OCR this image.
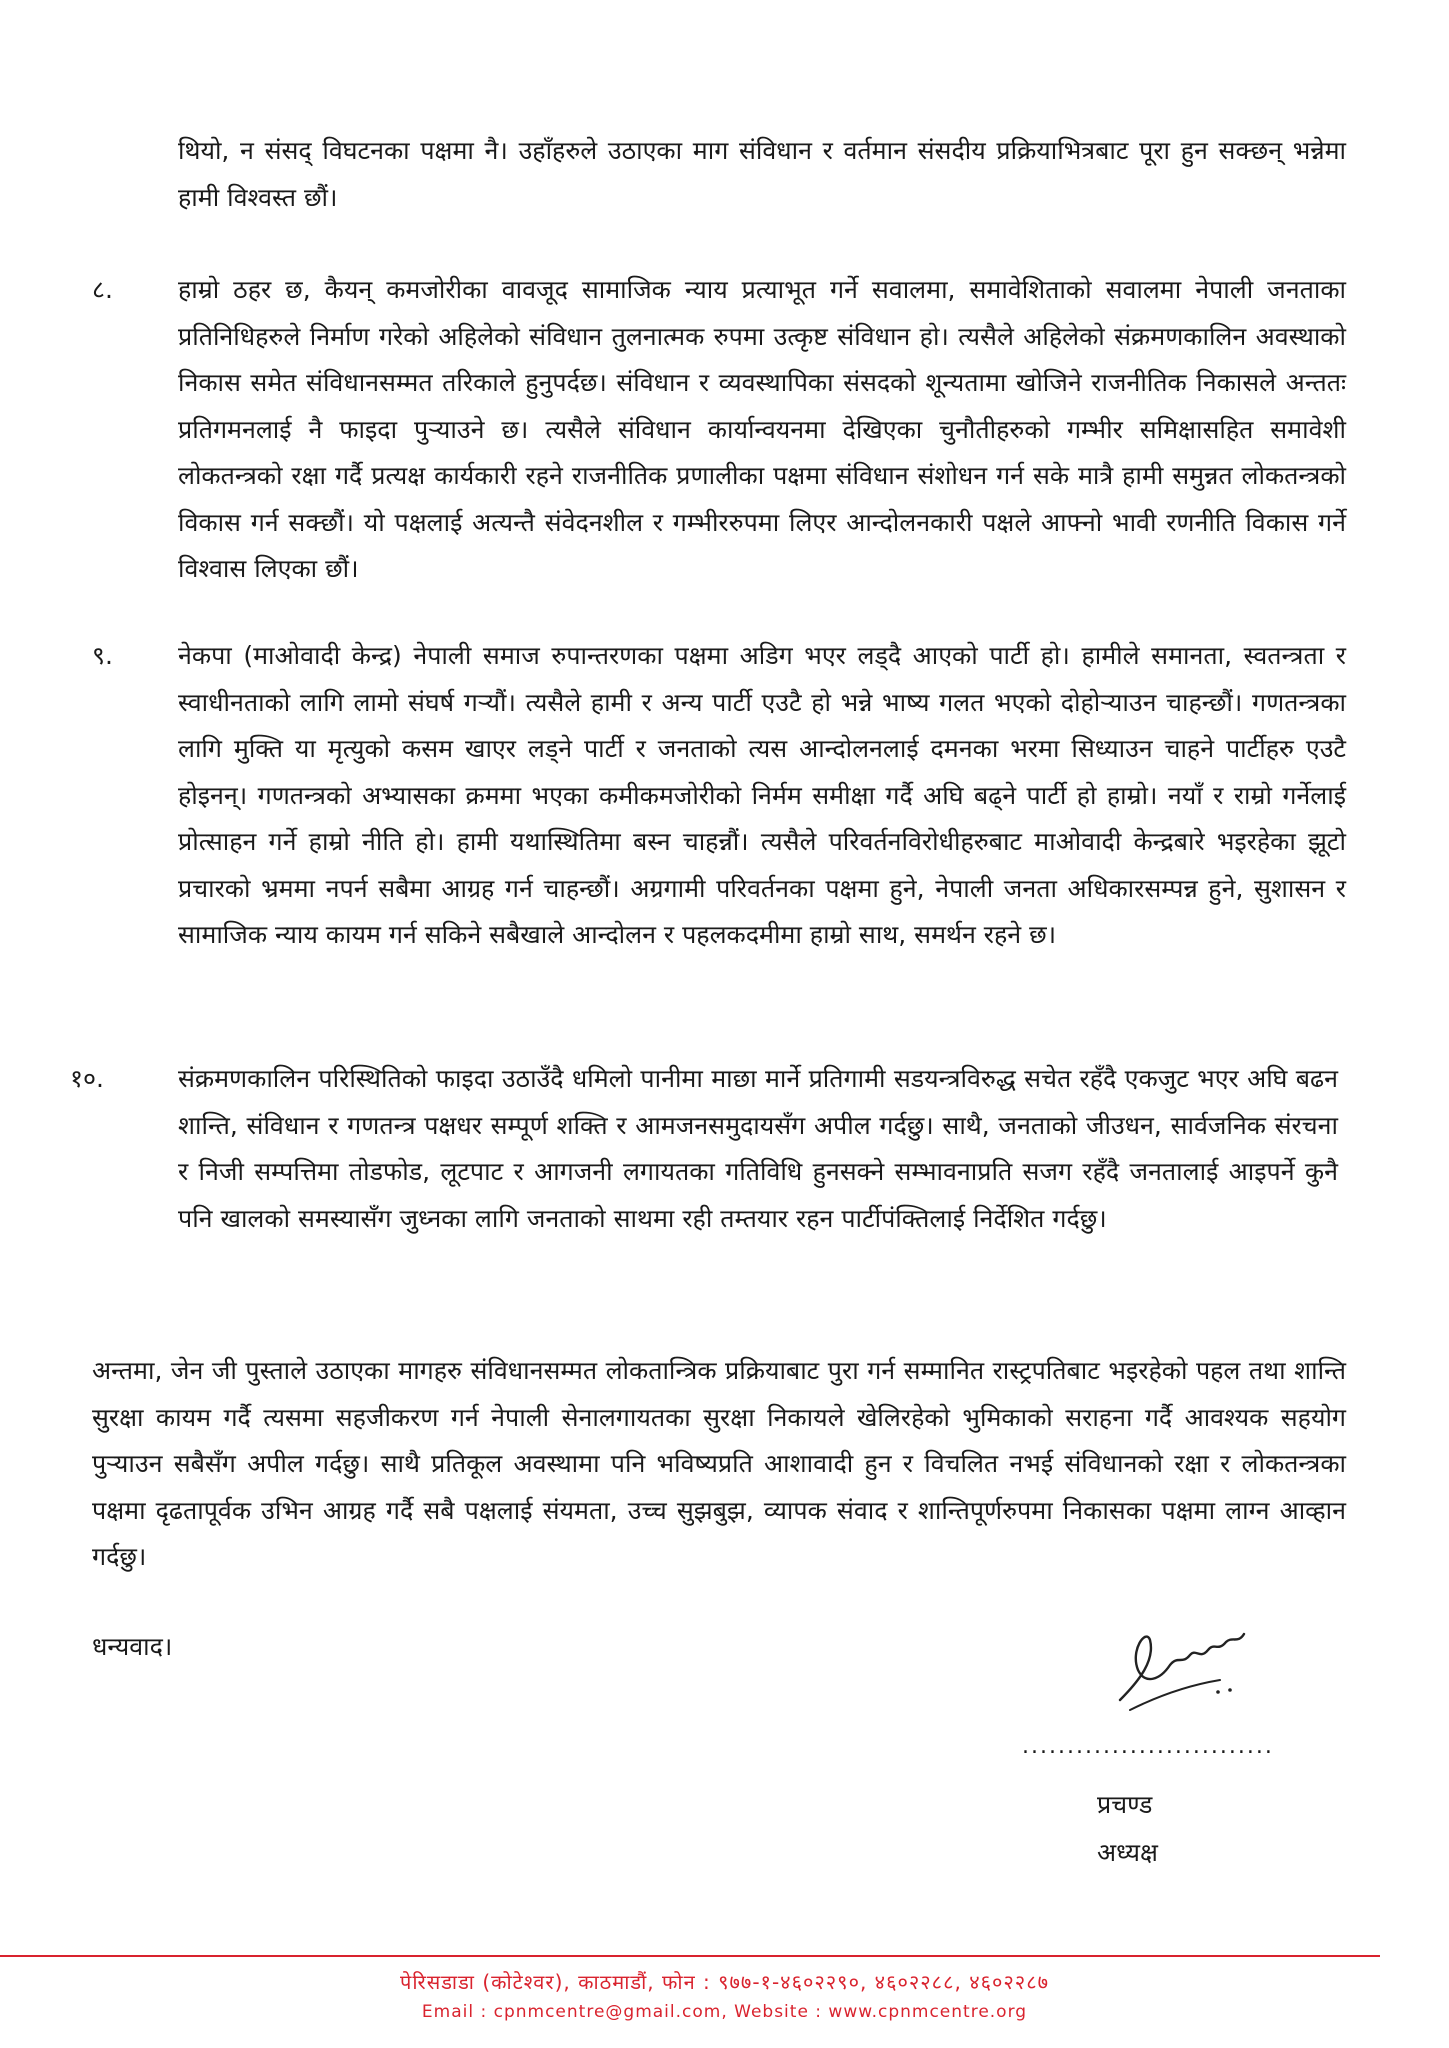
थियो, न संसद् विघटनका पक्षमा नै। उहाँहरुले उठाएका माग संविधान र वर्तमान संसदीय प्रक्रियाभित्रबाट पूरा हुन सक्छन् भन्नेमा हामी विश्वस्त छौं।

८.	हाम्रो ठहर छ, कैयन् कमजोरीका वावजूद सामाजिक न्याय प्रत्याभूत गर्ने सवालमा, समावेशिताको सवालमा नेपाली जनताका प्रतिनिधिहरुले निर्माण गरेको अहिलेको संविधान तुलनात्मक रुपमा उत्कृष्ट संविधान हो। त्यसैले अहिलेको संक्रमणकालिन अवस्थाको निकास समेत संविधानसम्मत तरिकाले हुनुपर्दछ। संविधान र व्यवस्थापिका संसदको शून्यतामा खोजिने राजनीतिक निकासले अन्ततः प्रतिगमनलाई नै फाइदा पुर्‍याउने छ। त्यसैले संविधान कार्यान्वयनमा देखिएका चुनौतीहरुको गम्भीर समिक्षासहित समावेशी लोकतन्त्रको रक्षा गर्दै प्रत्यक्ष कार्यकारी रहने राजनीतिक प्रणालीका पक्षमा संविधान संशोधन गर्न सके मात्रै हामी समुन्नत लोकतन्त्रको विकास गर्न सक्छौं। यो पक्षलाई अत्यन्तै संवेदनशील र गम्भीररुपमा लिएर आन्दोलनकारी पक्षले आफ्नो भावी रणनीति विकास गर्ने विश्वास लिएका छौं।

९.	नेकपा (माओवादी केन्द्र) नेपाली समाज रुपान्तरणका पक्षमा अडिग भएर लड्दै आएको पार्टी हो। हामीले समानता, स्वतन्त्रता र स्वाधीनताको लागि लामो संघर्ष गर्‍यौं। त्यसैले हामी र अन्य पार्टी एउटै हो भन्ने भाष्य गलत भएको दोहोर्‍याउन चाहन्छौं। गणतन्त्रका लागि मुक्ति या मृत्युको कसम खाएर लड्ने पार्टी र जनताको त्यस आन्दोलनलाई दमनका भरमा सिध्याउन चाहने पार्टीहरु एउटै होइनन्। गणतन्त्रको अभ्यासका क्रममा भएका कमीकमजोरीको निर्मम समीक्षा गर्दै अघि बढ्ने पार्टी हो हाम्रो। नयाँ र राम्रो गर्नेलाई प्रोत्साहन गर्ने हाम्रो नीति हो। हामी यथास्थितिमा बस्न चाहन्नौं। त्यसैले परिवर्तनविरोधीहरुबाट माओवादी केन्द्रबारे भइरहेका झूटो प्रचारको भ्रममा नपर्न सबैमा आग्रह गर्न चाहन्छौं। अग्रगामी परिवर्तनका पक्षमा हुने, नेपाली जनता अधिकारसम्पन्न हुने, सुशासन र सामाजिक न्याय कायम गर्न सकिने सबैखाले आन्दोलन र पहलकदमीमा हाम्रो साथ, समर्थन रहने छ।

१०.	संक्रमणकालिन परिस्थितिको फाइदा उठाउँदै धमिलो पानीमा माछा मार्ने प्रतिगामी सडयन्त्रविरुद्ध सचेत रहँदै एकजुट भएर अघि बढन शान्ति, संविधान र गणतन्त्र पक्षधर सम्पूर्ण शक्ति र आमजनसमुदायसँग अपील गर्दछु। साथै, जनताको जीउधन, सार्वजनिक संरचना र निजी सम्पत्तिमा तोडफोड, लूटपाट र आगजनी लगायतका गतिविधि हुनसक्ने सम्भावनाप्रति सजग रहँदै जनतालाई आइपर्ने कुनै पनि खालको समस्यासँग जुध्नका लागि जनताको साथमा रही तम्तयार रहन पार्टीपंक्तिलाई निर्देशित गर्दछु।

अन्तमा, जेन जी पुस्ताले उठाएका मागहरु संविधानसम्मत लोकतान्त्रिक प्रक्रियाबाट पुरा गर्न सम्मानित रास्ट्रपतिबाट भइरहेको पहल तथा शान्ति सुरक्षा कायम गर्दै त्यसमा सहजीकरण गर्न नेपाली सेनालगायतका सुरक्षा निकायले खेलिरहेको भुमिकाको सराहना गर्दै आवश्यक सहयोग पुर्‍याउन सबैसँग अपील गर्दछु। साथै प्रतिकूल अवस्थामा पनि भविष्यप्रति आशावादी हुन र विचलित नभई संविधानको रक्षा र लोकतन्त्रका पक्षमा दृढतापूर्वक उभिन आग्रह गर्दै सबै पक्षलाई संयमता, उच्च सुझबुझ, व्यापक संवाद र शान्तिपूर्णरुपमा निकासका पक्षमा लाग्न आव्हान गर्दछु।

धन्यवाद।

............................

प्रचण्ड

अध्यक्ष

पेरिसडाडा (कोटेश्वर), काठमाडौं, फोन : ९७७-१-४६०२२९०, ४६०२२८८, ४६०२२८७

Email : cpnmcentre@gmail.com, Website : www.cpnmcentre.org
